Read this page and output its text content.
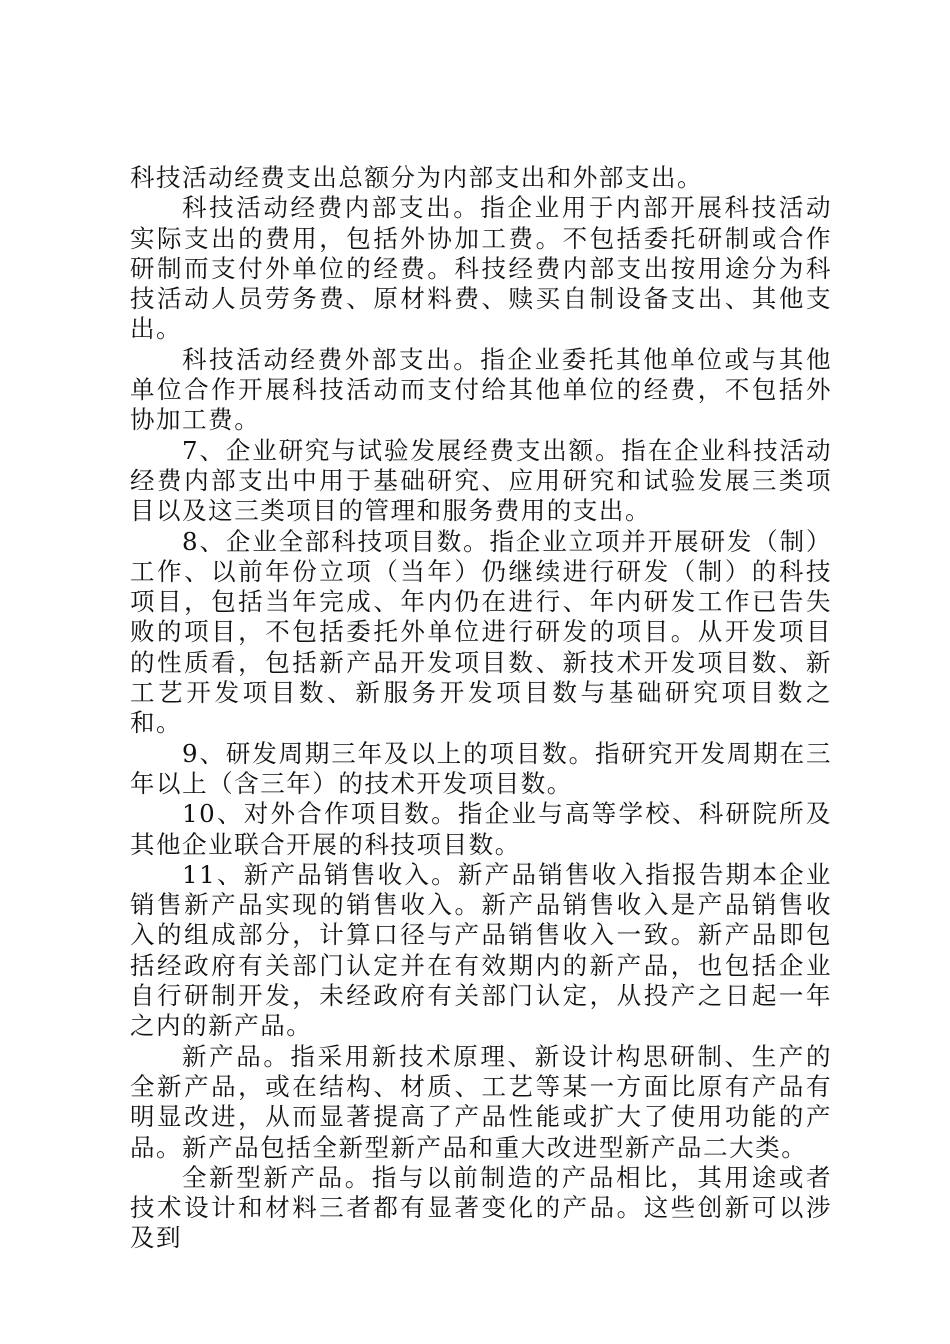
科技活动经费支出总额分为内部支出和外部支出。

科技活动经费内部支出。指企业用于内部开展科技活动实际支出的费用，包括外协加工费。不包括委托研制或合作研制而支付外单位的经费。科技经费内部支出按用途分为科技活动人员劳务费、原材料费、赎买自制设备支出、其他支出。

科技活动经费外部支出。指企业委托其他单位或与其他单位合作开展科技活动而支付给其他单位的经费，不包括外协加工费。

7、企业研究与试验发展经费支出额。指在企业科技活动经费内部支出中用于基础研究、应用研究和试验发展三类项目以及这三类项目的管理和服务费用的支出。

8、企业全部科技项目数。指企业立项并开展研发（制）工作、以前年份立项（当年）仍继续进行研发（制）的科技项目，包括当年完成、年内仍在进行、年内研发工作已告失败的项目，不包括委托外单位进行研发的项目。从开发项目的性质看，包括新产品开发项目数、新技术开发项目数、新工艺开发项目数、新服务开发项目数与基础研究项目数之和。

9、研发周期三年及以上的项目数。指研究开发周期在三年以上（含三年）的技术开发项目数。

10、对外合作项目数。指企业与高等学校、科研院所及其他企业联合开展的科技项目数。

11、新产品销售收入。新产品销售收入指报告期本企业销售新产品实现的销售收入。新产品销售收入是产品销售收入的组成部分，计算口径与产品销售收入一致。新产品即包括经政府有关部门认定并在有效期内的新产品，也包括企业自行研制开发，未经政府有关部门认定，从投产之日起一年之内的新产品。

新产品。指采用新技术原理、新设计构思研制、生产的全新产品，或在结构、材质、工艺等某一方面比原有产品有明显改进，从而显著提高了产品性能或扩大了使用功能的产品。新产品包括全新型新产品和重大改进型新产品二大类。

全新型新产品。指与以前制造的产品相比，其用途或者技术设计和材料三者都有显著变化的产品。这些创新可以涉及到
